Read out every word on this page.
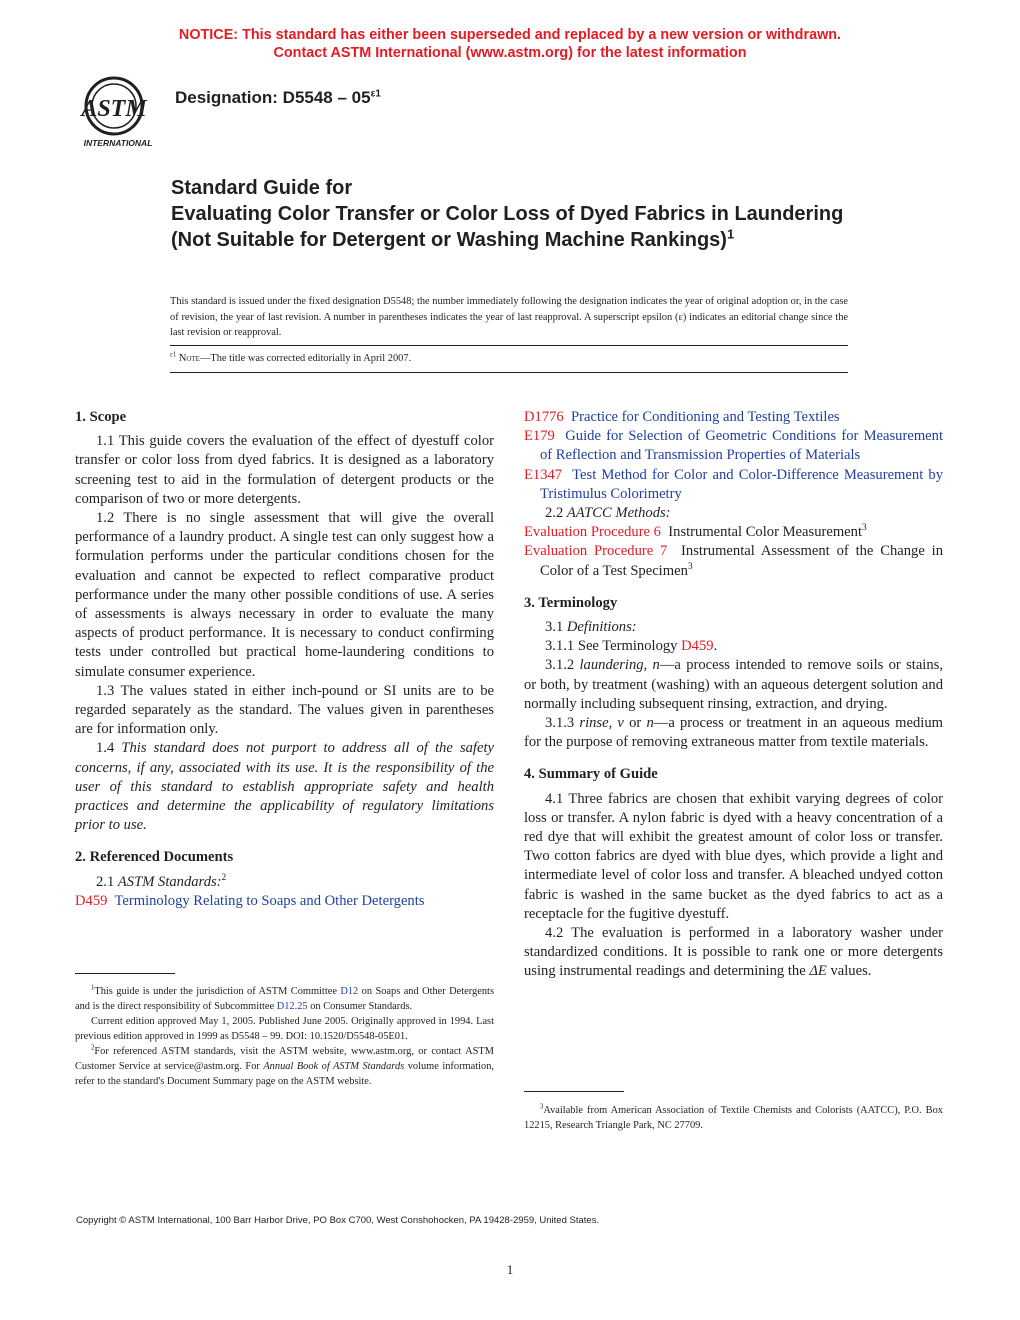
NOTICE: This standard has either been superseded and replaced by a new version or withdrawn.
Contact ASTM International (www.astm.org) for the latest information
ASTM
INTERNATIONAL
Designation: $D5548 - 05^{\varepsilon 1}$
Standard Guide for
Evaluating Color Transfer or Color Loss of Dyed Fabrics in Laundering (Not Suitable for Detergent or Washing Machine Rankings)$^1$
This standard is issued under the fixed designation D5548; the number immediately following the designation indicates the year of original adoption or, in the case of revision, the year of last revision. A number in parentheses indicates the year of last reapproval. A superscript epsilon (ε) indicates an editorial change since the last revision or reapproval.
$^{\varepsilon 1}$ Note—The title was corrected editorially in April 2007.
1. Scope

1.1 This guide covers the evaluation of the effect of dyestuff color transfer or color loss from dyed fabrics. It is designed as a laboratory screening test to aid in the formulation of detergent products or the comparison of two or more detergents.

1.2 There is no single assessment that will give the overall performance of a laundry product. A single test can only suggest how a formulation performs under the particular conditions chosen for the evaluation and cannot be expected to reflect comparative product performance under the many other possible conditions of use. A series of assessments is always necessary in order to evaluate the many aspects of product performance. It is necessary to conduct confirming tests under controlled but practical home-laundering conditions to simulate consumer experience.

1.3 The values stated in either inch-pound or SI units are to be regarded separately as the standard. The values given in parentheses are for information only.

1.4 This standard does not purport to address all of the safety concerns, if any, associated with its use. It is the responsibility of the user of this standard to establish appropriate safety and health practices and determine the applicability of regulatory limitations prior to use.

2. Referenced Documents

2.1 ASTM Standards:$^2$

D459 Terminology Relating to Soaps and Other Detergents

$^1$This guide is under the jurisdiction of ASTM Committee D12 on Soaps and Other Detergents and is the direct responsibility of Subcommittee D12.25 on Consumer Standards.

Current edition approved May 1, 2005. Published June 2005. Originally approved in 1994. Last previous edition approved in 1999 as D5548 – 99. DOI: 10.1520/D5548-05E01.

$^2$For referenced ASTM standards, visit the ASTM website, www.astm.org, or contact ASTM Customer Service at service@astm.org. For Annual Book of ASTM Standards volume information, refer to the standard's Document Summary page on the ASTM website.

D1776 Practice for Conditioning and Testing Textiles
E179 Guide for Selection of Geometric Conditions for Measurement of Reflection and Transmission Properties of Materials
E1347 Test Method for Color and Color-Difference Measurement by Tristimulus Colorimetry

2.2 AATCC Methods:

Evaluation Procedure 6 Instrumental Color Measurement$^3$
Evaluation Procedure 7 Instrumental Assessment of the Change in Color of a Test Specimen$^3$
3. Terminology

3.1 Definitions:

3.1.1 See Terminology D459.

3.1.2 laundering, n—a process intended to remove soils or stains, or both, by treatment (washing) with an aqueous detergent solution and normally including subsequent rinsing, extraction, and drying.

3.1.3 rinse, v or n—a process or treatment in an aqueous medium for the purpose of removing extraneous matter from textile materials.

4. Summary of Guide

4.1 Three fabrics are chosen that exhibit varying degrees of color loss or transfer. A nylon fabric is dyed with a heavy concentration of a red dye that will exhibit the greatest amount of color loss or transfer. Two cotton fabrics are dyed with blue dyes, which provide a light and intermediate level of color loss and transfer. A bleached undyed cotton fabric is washed in the same bucket as the dyed fabrics to act as a receptacle for the fugitive dyestuff.

4.2 The evaluation is performed in a laboratory washer under standardized conditions. It is possible to rank one or more detergents using instrumental readings and determining the ΔE values.

$^3$Available from American Association of Textile Chemists and Colorists (AATCC), P.O. Box 12215, Research Triangle Park, NC 27709.

Copyright © ASTM International, 100 Barr Harbor Drive, PO Box C700, West Conshohocken, PA 19428-2959, United States.
1
